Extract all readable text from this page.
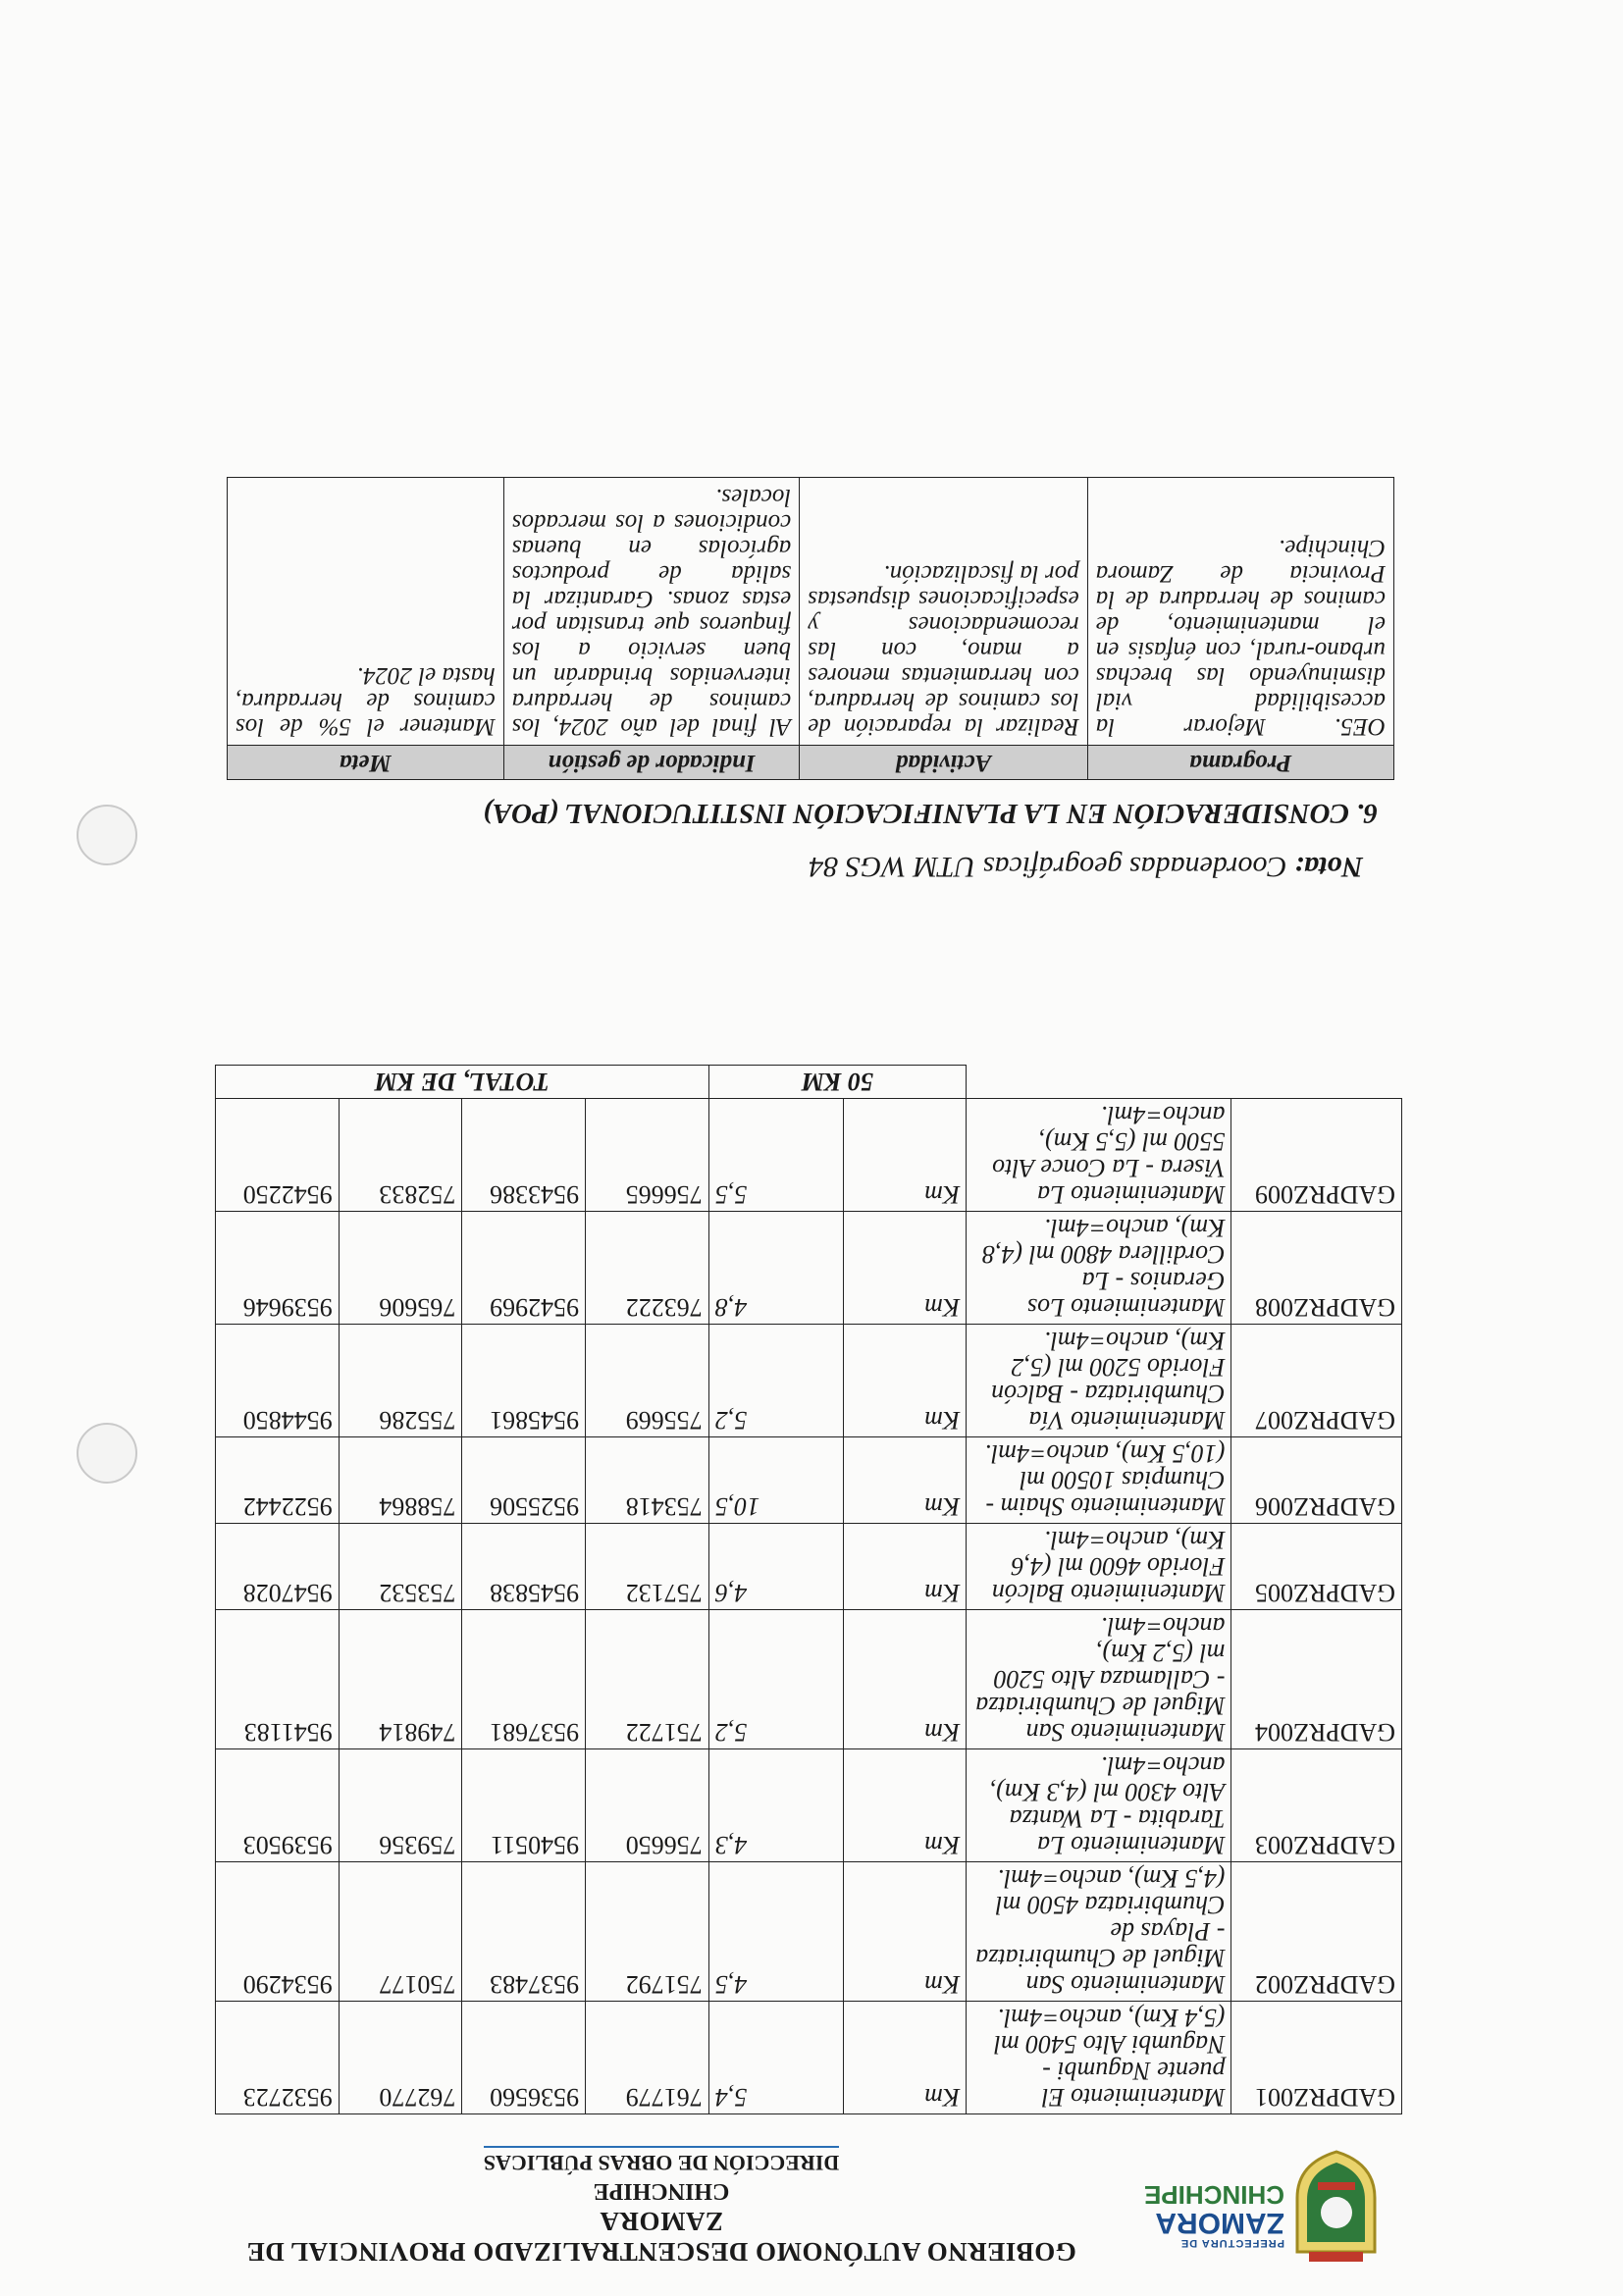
PREFECTURA DE
ZAMORA
CHINCHIPE
GOBIERNO AUTÓNOMO DESCENTRALIZADO PROVINCIAL DE ZAMORA
CHINCHIPE
DIRECCIÓN DE OBRAS PÚBLICAS
GADPRZ001	Mantenimiento El puente Nagumbi - Nagumbi Alto 5400 ml (5,4 Km), ancho=4ml.	Km	5,4	761779	9536560	762770	9532723
GADPRZ002	Mantenimiento San Miguel de Chumbiriatza - Playas de Chumbiriatza 4500 ml (4,5 Km), ancho=4ml.	Km	4,5	751792	9537483	750177	9534290
GADPRZ003	Mantenimiento La Tarabita - La Wantza Alto 4300 ml (4,3 Km), ancho=4ml.	Km	4,3	756650	9540511	759356	9539503
GADPRZ004	Mantenimiento San Miguel de Chumbiriatza - Callamaza Alto 5200 ml (5,2 Km), ancho=4ml.	Km	5,2	751722	9537681	749814	9541183
GADPRZ005	Mantenimiento Balcón Florido 4600 ml (4,6 Km), ancho=4ml.	Km	4,6	757132	9545838	753532	9547028
GADPRZ006	Mantenimiento Shaim - Chumpias 10500 ml (10,5 Km), ancho=4ml.	Km	10,5	753418	9525506	758864	9522442
GADPRZ007	Mantenimiento Vía Chumbiriatza - Balcón Florido 5200 ml (5,2 Km), ancho=4ml.	Km	5,2	755669	9545861	755286	9544850
GADPRZ008	Mantenimiento Los Geranios - La Cordillera 4800 ml (4,8 Km), ancho=4ml.	Km	4,8	763222	9542969	765606	9539646
GADPRZ009	Mantenimiento La Visera - La Conce Alto 5500 ml (5,5 Km), ancho=4ml.	Km	5,5	756665	9543386	752833	9542250
		50 KM		TOTAL, DE KM			
Nota: Coordenadas geográficas UTM WGS 84
6. CONSIDERACIÓN EN LA PLANIFICACIÓN INSTITUCIONAL (POA)
Programa	Actividad	Indicador de gestión	Meta
OE5. Mejorar la accesibilidad vial disminuyendo las brechas urbano-rural, con énfasis en el mantenimiento, de caminos de herradura de la Provincia de Zamora Chinchipe.	Realizar la reparación de los caminos de herradura, con herramientas menores a mano, con las recomendaciones y especificaciones dispuestas por la fiscalización.	Al final del año 2024, los caminos de herradura intervenidos brindarán un buen servicio a los finqueros que transitan por estas zonas. Garantizar la salida de productos agrícolas en buenas condiciones a los mercados locales.	Mantener el 5% de los caminos de herradura, hasta el 2024.
